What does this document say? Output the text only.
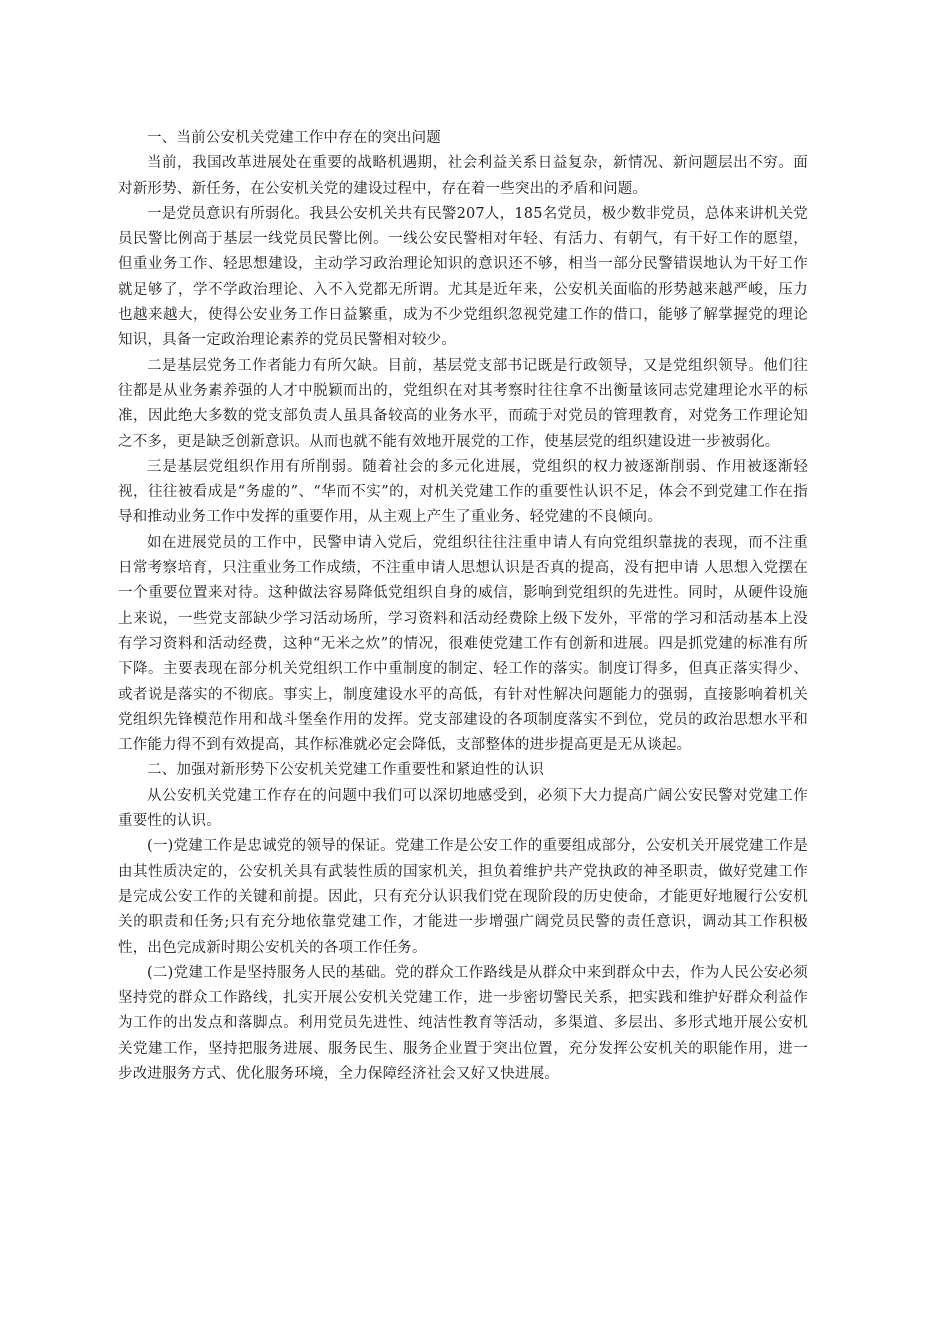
一、当前公安机关党建工作中存在的突出问题

当前，我国改革进展处在重要的战略机遇期，社会利益关系日益复杂，新情况、新问题层出不穷。面对新形势、新任务，在公安机关党的建设过程中，存在着一些突出的矛盾和问题。

一是党员意识有所弱化。我县公安机关共有民警207人，185名党员，极少数非党员，总体来讲机关党员民警比例高于基层一线党员民警比例。一线公安民警相对年轻、有活力、有朝气，有干好工作的愿望，但重业务工作、轻思想建设，主动学习政治理论知识的意识还不够，相当一部分民警错误地认为干好工作就足够了，学不学政治理论、入不入党都无所谓。尤其是近年来，公安机关面临的形势越来越严峻，压力也越来越大，使得公安业务工作日益繁重，成为不少党组织忽视党建工作的借口，能够了解掌握党的理论知识，具备一定政治理论素养的党员民警相对较少。

二是基层党务工作者能力有所欠缺。目前，基层党支部书记既是行政领导，又是党组织领导。他们往往都是从业务素养强的人才中脱颖而出的，党组织在对其考察时往往拿不出衡量该同志党建理论水平的标准，因此绝大多数的党支部负责人虽具备较高的业务水平，而疏于对党员的管理教育，对党务工作理论知之不多，更是缺乏创新意识。从而也就不能有效地开展党的工作，使基层党的组织建设进一步被弱化。

三是基层党组织作用有所削弱。随着社会的多元化进展，党组织的权力被逐渐削弱、作用被逐渐轻视，往往被看成是“务虚的”、“华而不实”的，对机关党建工作的重要性认识不足，体会不到党建工作在指导和推动业务工作中发挥的重要作用，从主观上产生了重业务、轻党建的不良倾向。

如在进展党员的工作中，民警申请入党后，党组织往往注重申请人有向党组织靠拢的表现，而不注重日常考察培育，只注重业务工作成绩，不注重申请人思想认识是否真的提高，没有把申请 人思想入党摆在一个重要位置来对待。这种做法容易降低党组织自身的威信，影响到党组织的先进性。同时，从硬件设施上来说，一些党支部缺少学习活动场所，学习资料和活动经费除上级下发外，平常的学习和活动基本上没有学习资料和活动经费，这种“无米之炊”的情况，很难使党建工作有创新和进展。四是抓党建的标准有所下降。主要表现在部分机关党组织工作中重制度的制定、轻工作的落实。制度订得多，但真正落实得少、或者说是落实的不彻底。事实上，制度建设水平的高低，有针对性解决问题能力的强弱，直接影响着机关党组织先锋模范作用和战斗堡垒作用的发挥。党支部建设的各项制度落实不到位，党员的政治思想水平和工作能力得不到有效提高，其作标准就必定会降低，支部整体的进步提高更是无从谈起。

二、加强对新形势下公安机关党建工作重要性和紧迫性的认识

从公安机关党建工作存在的问题中我们可以深切地感受到，必须下大力提高广阔公安民警对党建工作重要性的认识。

(一)党建工作是忠诚党的领导的保证。党建工作是公安工作的重要组成部分，公安机关开展党建工作是由其性质决定的，公安机关具有武装性质的国家机关，担负着维护共产党执政的神圣职责，做好党建工作是完成公安工作的关键和前提。因此，只有充分认识我们党在现阶段的历史使命，才能更好地履行公安机关的职责和任务;只有充分地依靠党建工作，才能进一步增强广阔党员民警的责任意识，调动其工作积极性，出色完成新时期公安机关的各项工作任务。

(二)党建工作是坚持服务人民的基础。党的群众工作路线是从群众中来到群众中去，作为人民公安必须坚持党的群众工作路线，扎实开展公安机关党建工作，进一步密切警民关系，把实践和维护好群众利益作为工作的出发点和落脚点。利用党员先进性、纯洁性教育等活动，多渠道、多层出、多形式地开展公安机关党建工作，坚持把服务进展、服务民生、服务企业置于突出位置，充分发挥公安机关的职能作用，进一步改进服务方式、优化服务环境，全力保障经济社会又好又快进展。
